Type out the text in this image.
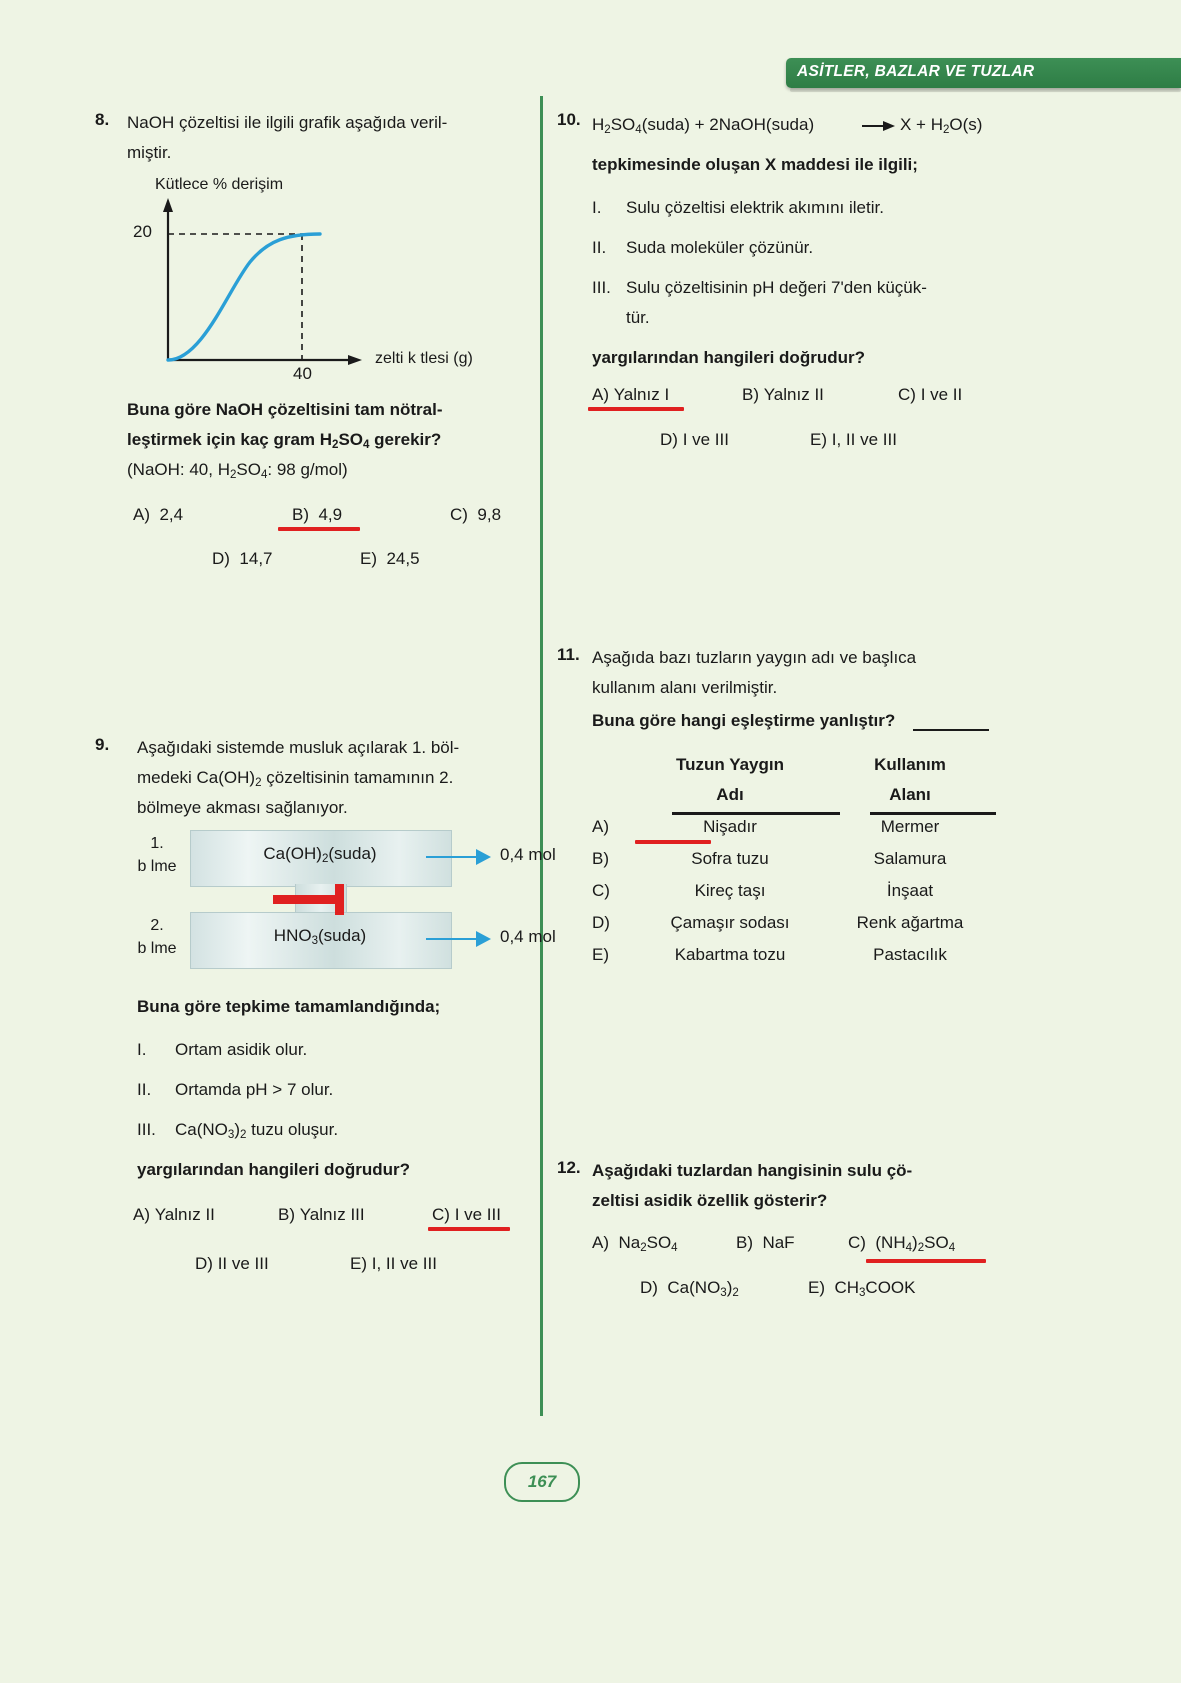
ASİTLER, BAZLAR VE TUZLAR
8. NaOH çözeltisi ile ilgili grafik aşağıda veril-
miştir.
Kütlece % derişim
20
40
zelti k tlesi (g)
Buna göre NaOH çözeltisini tam nötral-
leştirmek için kaç gram $H_2SO_4$ gerekir?
(NaOH: 40, $H_2SO_4$: 98 g/mol)
A) 2,4	B) 4,9	C) 9,8
D) 14,7	E) 24,5
9. Aşağıdaki sistemde musluk açılarak 1. böl-
medeki $Ca(OH)_2$ çözeltisinin tamamının 2.
bölmeye akması sağlanıyor.
$Ca(OH)_2(suda)$
$HNO_3(suda)$
1.
b lme
2.
b lme
0,4 mol
0,4 mol
Buna göre tepkime tamamlandığında;
I. Ortam asidik olur.
II. Ortamda pH > 7 olur.
III. $Ca(NO_3)_2$ tuzu oluşur.
yargılarından hangileri doğrudur?
A) Yalnız II	B) Yalnız III	C) I ve III
D) II ve III	E) I, II ve III
10. $H_2SO_4(suda)$ + 2NaOH(suda)	$X + H_2O(s)$
tepkimesinde oluşan X maddesi ile ilgili;
I. Sulu çözeltisi elektrik akımını iletir.
II. Suda moleküler çözünür.
III. Sulu çözeltisinin pH değeri 7'den küçük-
tür.
yargılarından hangileri doğrudur?
A) Yalnız I	B) Yalnız II	C) I ve II
D) I ve III	E) I, II ve III
11. Aşağıda bazı tuzların yaygın adı ve başlıca
kullanım alanı verilmiştir.
Buna göre hangi eşleştirme yanlıştır?
Tuzun Yaygın
Adı
Kullanım
Alanı
A)	Nişadır	Mermer
B)	Sofra tuzu	Salamura
C)	Kireç taşı	İnşaat
D)	Çamaşır sodası	Renk ağartma
E)	Kabartma tozu	Pastacılık
12. Aşağıdaki tuzlardan hangisinin sulu çö-
zeltisi asidik özellik gösterir?
A)  $Na_2SO_4$	B)  NaF	C)  $(NH_4)_2SO_4$
D)  $Ca(NO_3)_2$	E)  $CH_3COOK$
167
